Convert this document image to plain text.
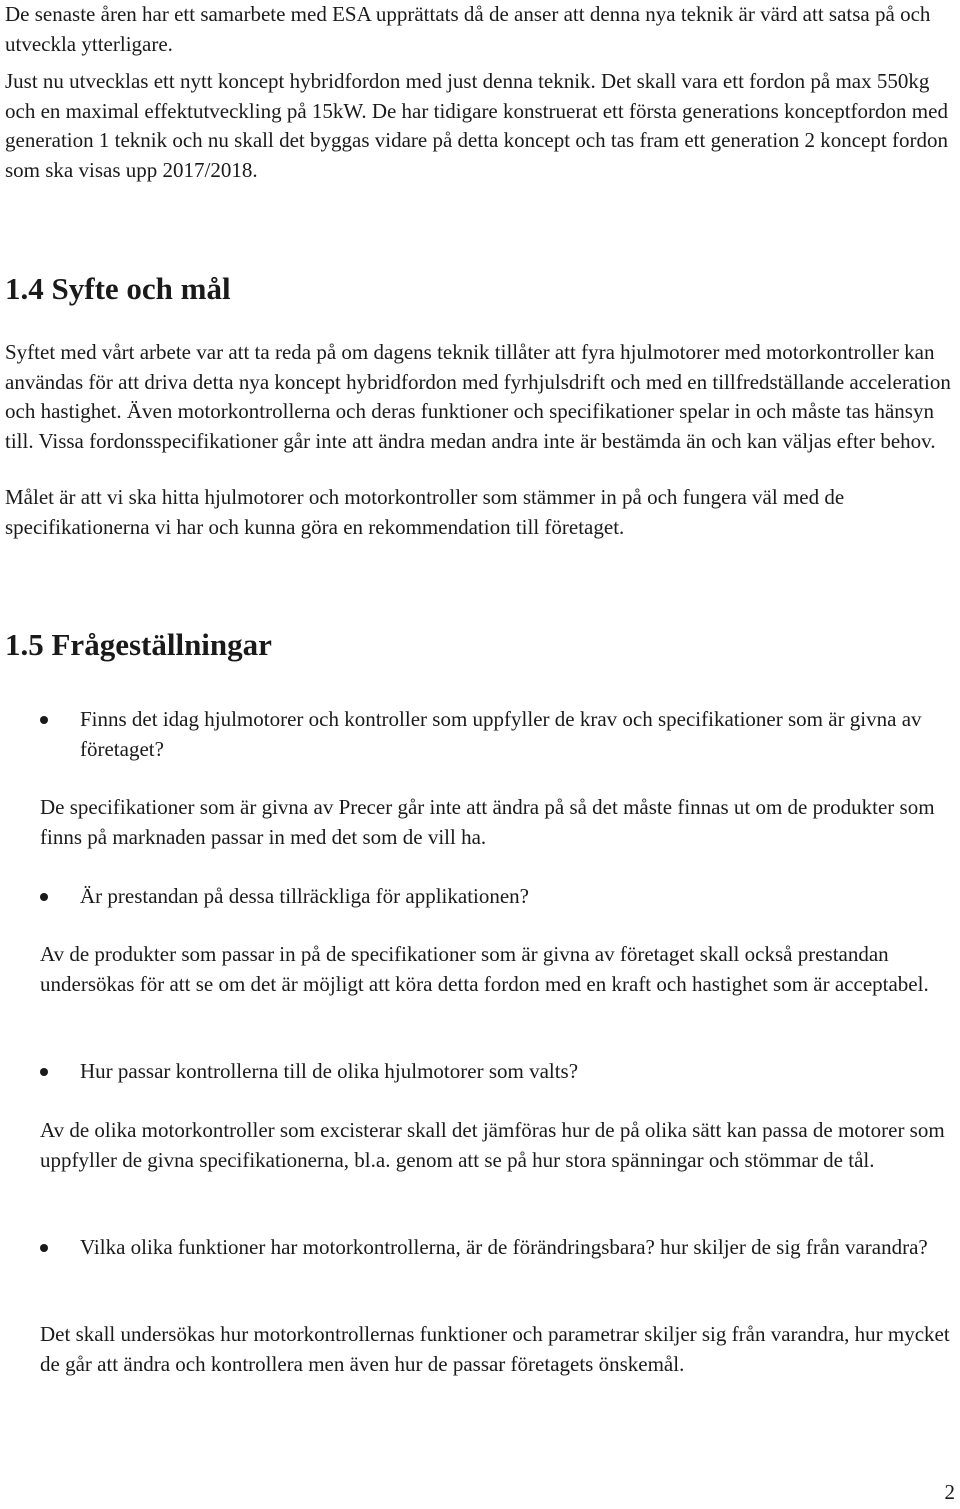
De senaste åren har ett samarbete med ESA upprättats då de anser att denna nya teknik är värd att satsa på och utveckla ytterligare.

Just nu utvecklas ett nytt koncept hybridfordon med just denna teknik. Det skall vara ett fordon på max 550kg och en maximal effektutveckling på 15kW. De har tidigare konstruerat ett första generations konceptfordon med generation 1 teknik och nu skall det byggas vidare på detta koncept och tas fram ett generation 2 koncept fordon som ska visas upp 2017/2018.

1.4 Syfte och mål

Syftet med vårt arbete var att ta reda på om dagens teknik tillåter att fyra hjulmotorer med motorkontroller kan användas för att driva detta nya koncept hybridfordon med fyrhjulsdrift och med en tillfredställande acceleration och hastighet. Även motorkontrollerna och deras funktioner och specifikationer spelar in och måste tas hänsyn till. Vissa fordonsspecifikationer går inte att ändra medan andra inte är bestämda än och kan väljas efter behov.

Målet är att vi ska hitta hjulmotorer och motorkontroller som stämmer in på och fungera väl med de specifikationerna vi har och kunna göra en rekommendation till företaget.

1.5 Frågeställningar
Finns det idag hjulmotorer och kontroller som uppfyller de krav och specifikationer som är givna av företaget?

De specifikationer som är givna av Precer går inte att ändra på så det måste finnas ut om de produkter som finns på marknaden passar in med det som de vill ha.

Är prestandan på dessa tillräckliga för applikationen?

Av de produkter som passar in på de specifikationer som är givna av företaget skall också prestandan undersökas för att se om det är möjligt att köra detta fordon med en kraft och hastighet som är acceptabel.

Hur passar kontrollerna till de olika hjulmotorer som valts?

Av de olika motorkontroller som excisterar skall det jämföras hur de på olika sätt kan passa de motorer som uppfyller de givna specifikationerna, bl.a. genom att se på hur stora spänningar och stömmar de tål.

Vilka olika funktioner har motorkontrollerna, är de förändringsbara? hur skiljer de sig från varandra?

Det skall undersökas hur motorkontrollernas funktioner och parametrar skiljer sig från varandra, hur mycket de går att ändra och kontrollera men även hur de passar företagets önskemål.

2
